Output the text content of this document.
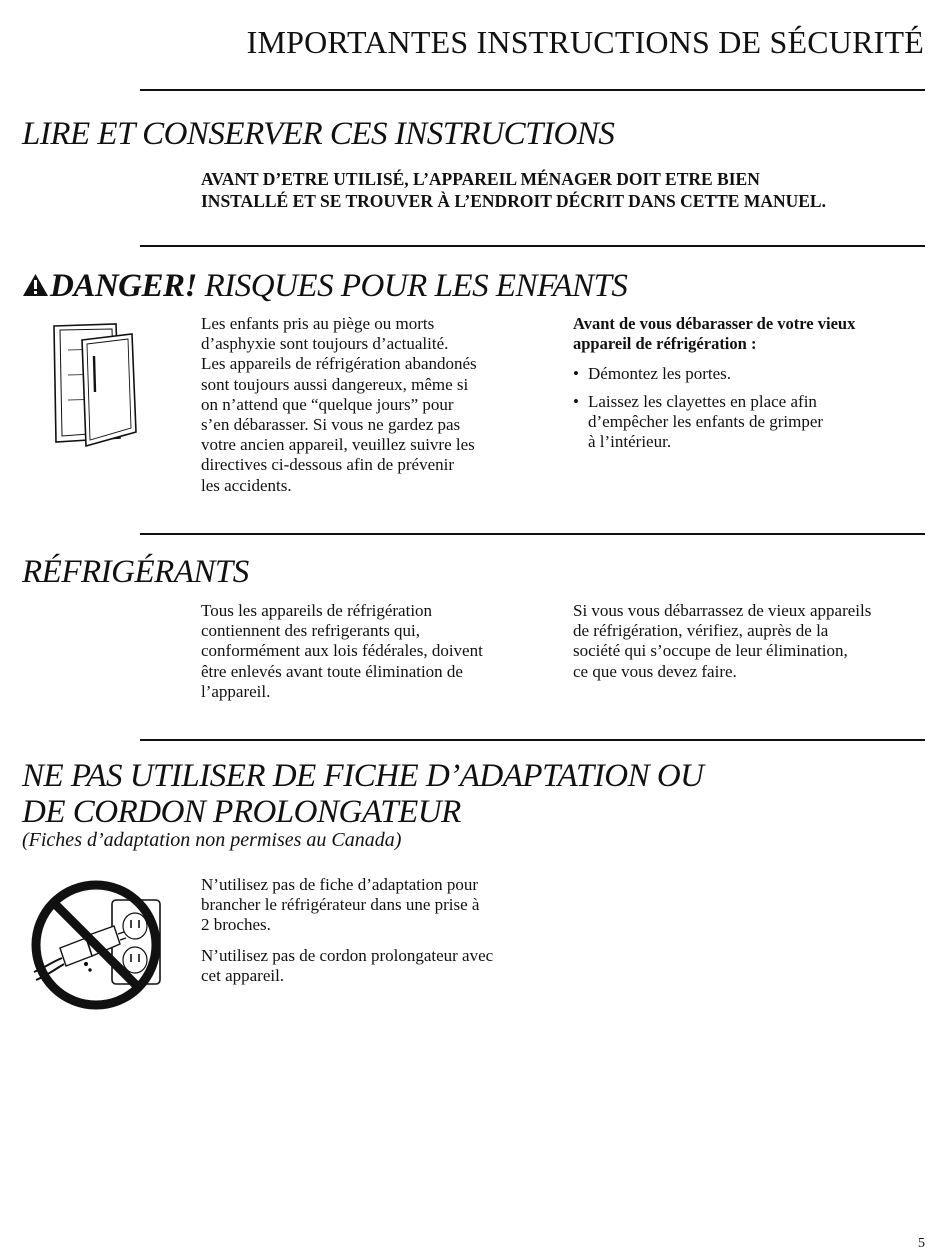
IMPORTANTES INSTRUCTIONS DE SÉCURITÉ
LIRE ET CONSERVER CES INSTRUCTIONS
AVANT D’ETRE UTILISÉ, L’APPAREIL MÉNAGER DOIT ETRE BIEN
INSTALLÉ ET SE TROUVER À L’ENDROIT DÉCRIT DANS CETTE MANUEL.
DANGER! RISQUES POUR LES ENFANTS
Les enfants pris au piège ou morts
d’asphyxie sont toujours d’actualité.
Les appareils de réfrigération abandonés
sont toujours aussi dangereux, même si
on n’attend que “quelque jours” pour
s’en débarasser. Si vous ne gardez pas
votre ancien appareil, veuillez suivre les
directives ci-dessous afin de prévenir
les accidents.
Avant de vous débarasser de votre vieux
appareil de réfrigération :
• Démontez les portes.
• Laissez les clayettes en place afin
d’empêcher les enfants de grimper
à l’intérieur.
RÉFRIGÉRANTS
Tous les appareils de réfrigération
contiennent des refrigerants qui,
conformément aux lois fédérales, doivent
être enlevés avant toute élimination de
l’appareil.
Si vous vous débarrassez de vieux appareils
de réfrigération, vérifiez, auprès de la
société qui s’occupe de leur élimination,
ce que vous devez faire.
NE PAS UTILISER DE FICHE D’ADAPTATION OU
DE CORDON PROLONGATEUR
(Fiches d’adaptation non permises au Canada)
N’utilisez pas de fiche d’adaptation pour
brancher le réfrigérateur dans une prise à
2 broches.
N’utilisez pas de cordon prolongateur avec
cet appareil.
5
